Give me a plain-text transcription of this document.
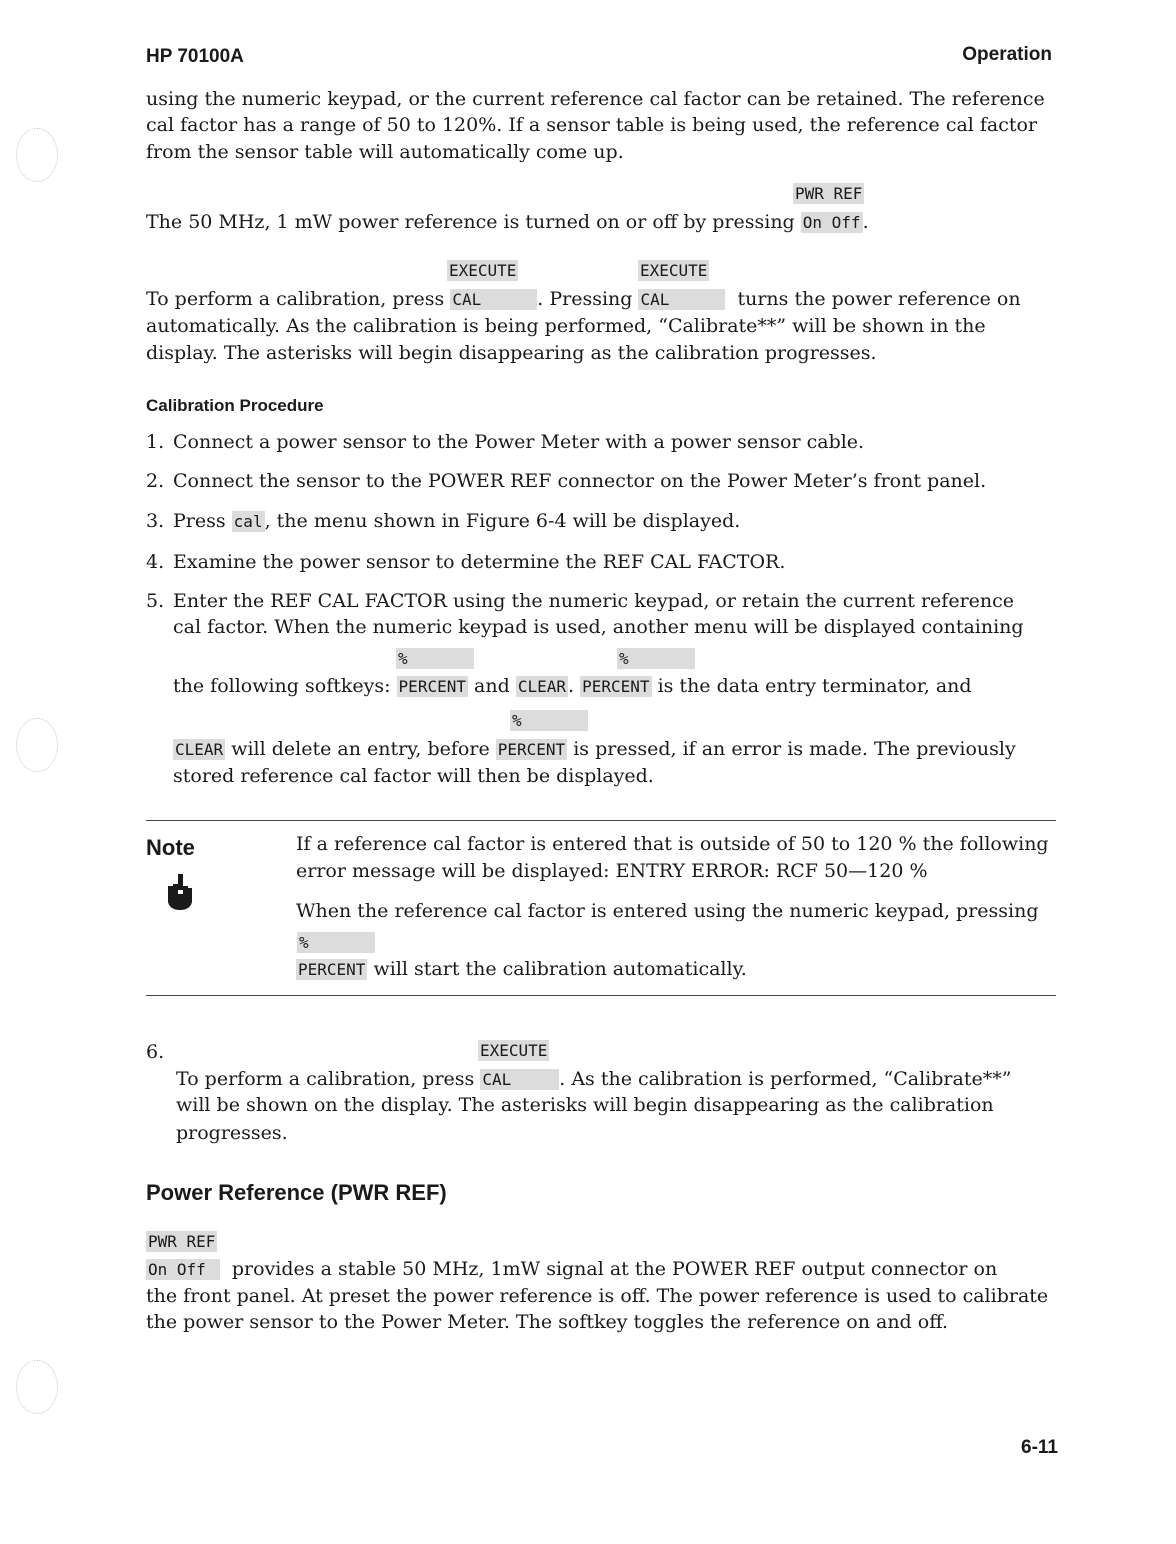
HP 70100A	Operation
using the numeric keypad, or the current reference cal factor can be retained. The reference
cal factor has a range of 50 to 120%. If a sensor table is being used, the reference cal factor
from the sensor table will automatically come up.
PWR REF
The 50 MHz, 1 mW power reference is turned on or off by pressing On Off .
EXECUTE	EXECUTE
To perform a calibration, press CAL	. Pressing CAL	turns the power reference on
automatically. As the calibration is being performed, “Calibrate**” will be shown in the
display. The asterisks will begin disappearing as the calibration progresses.
Calibration Procedure
1. Connect a power sensor to the Power Meter with a power sensor cable.
2. Connect the sensor to the POWER REF connector on the Power Meter’s front panel.
3. Press cal , the menu shown in Figure 6-4 will be displayed.
4. Examine the power sensor to determine the REF CAL FACTOR.
5. Enter the REF CAL FACTOR using the numeric keypad, or retain the current reference
cal factor. When the numeric keypad is used, another menu will be displayed containing
%	%
the following softkeys: PERCENT and CLEAR . PERCENT is the data entry terminator, and
%
CLEAR will delete an entry, before PERCENT is pressed, if an error is made. The previously
stored reference cal factor will then be displayed.
Note	If a reference cal factor is entered that is outside of 50 to 120 % the following
error message will be displayed: ENTRY ERROR: RCF 50—120 %
When the reference cal factor is entered using the numeric keypad, pressing
%
PERCENT will start the calibration automatically.
6.	EXECUTE
To perform a calibration, press CAL	. As the calibration is performed, “Calibrate**”
will be shown on the display. The asterisks will begin disappearing as the calibration
progresses.
Power Reference (PWR REF)
PWR REF
On Off provides a stable 50 MHz, 1mW signal at the POWER REF output connector on
the front panel. At preset the power reference is off. The power reference is used to calibrate
the power sensor to the Power Meter. The softkey toggles the reference on and off.
6-11
